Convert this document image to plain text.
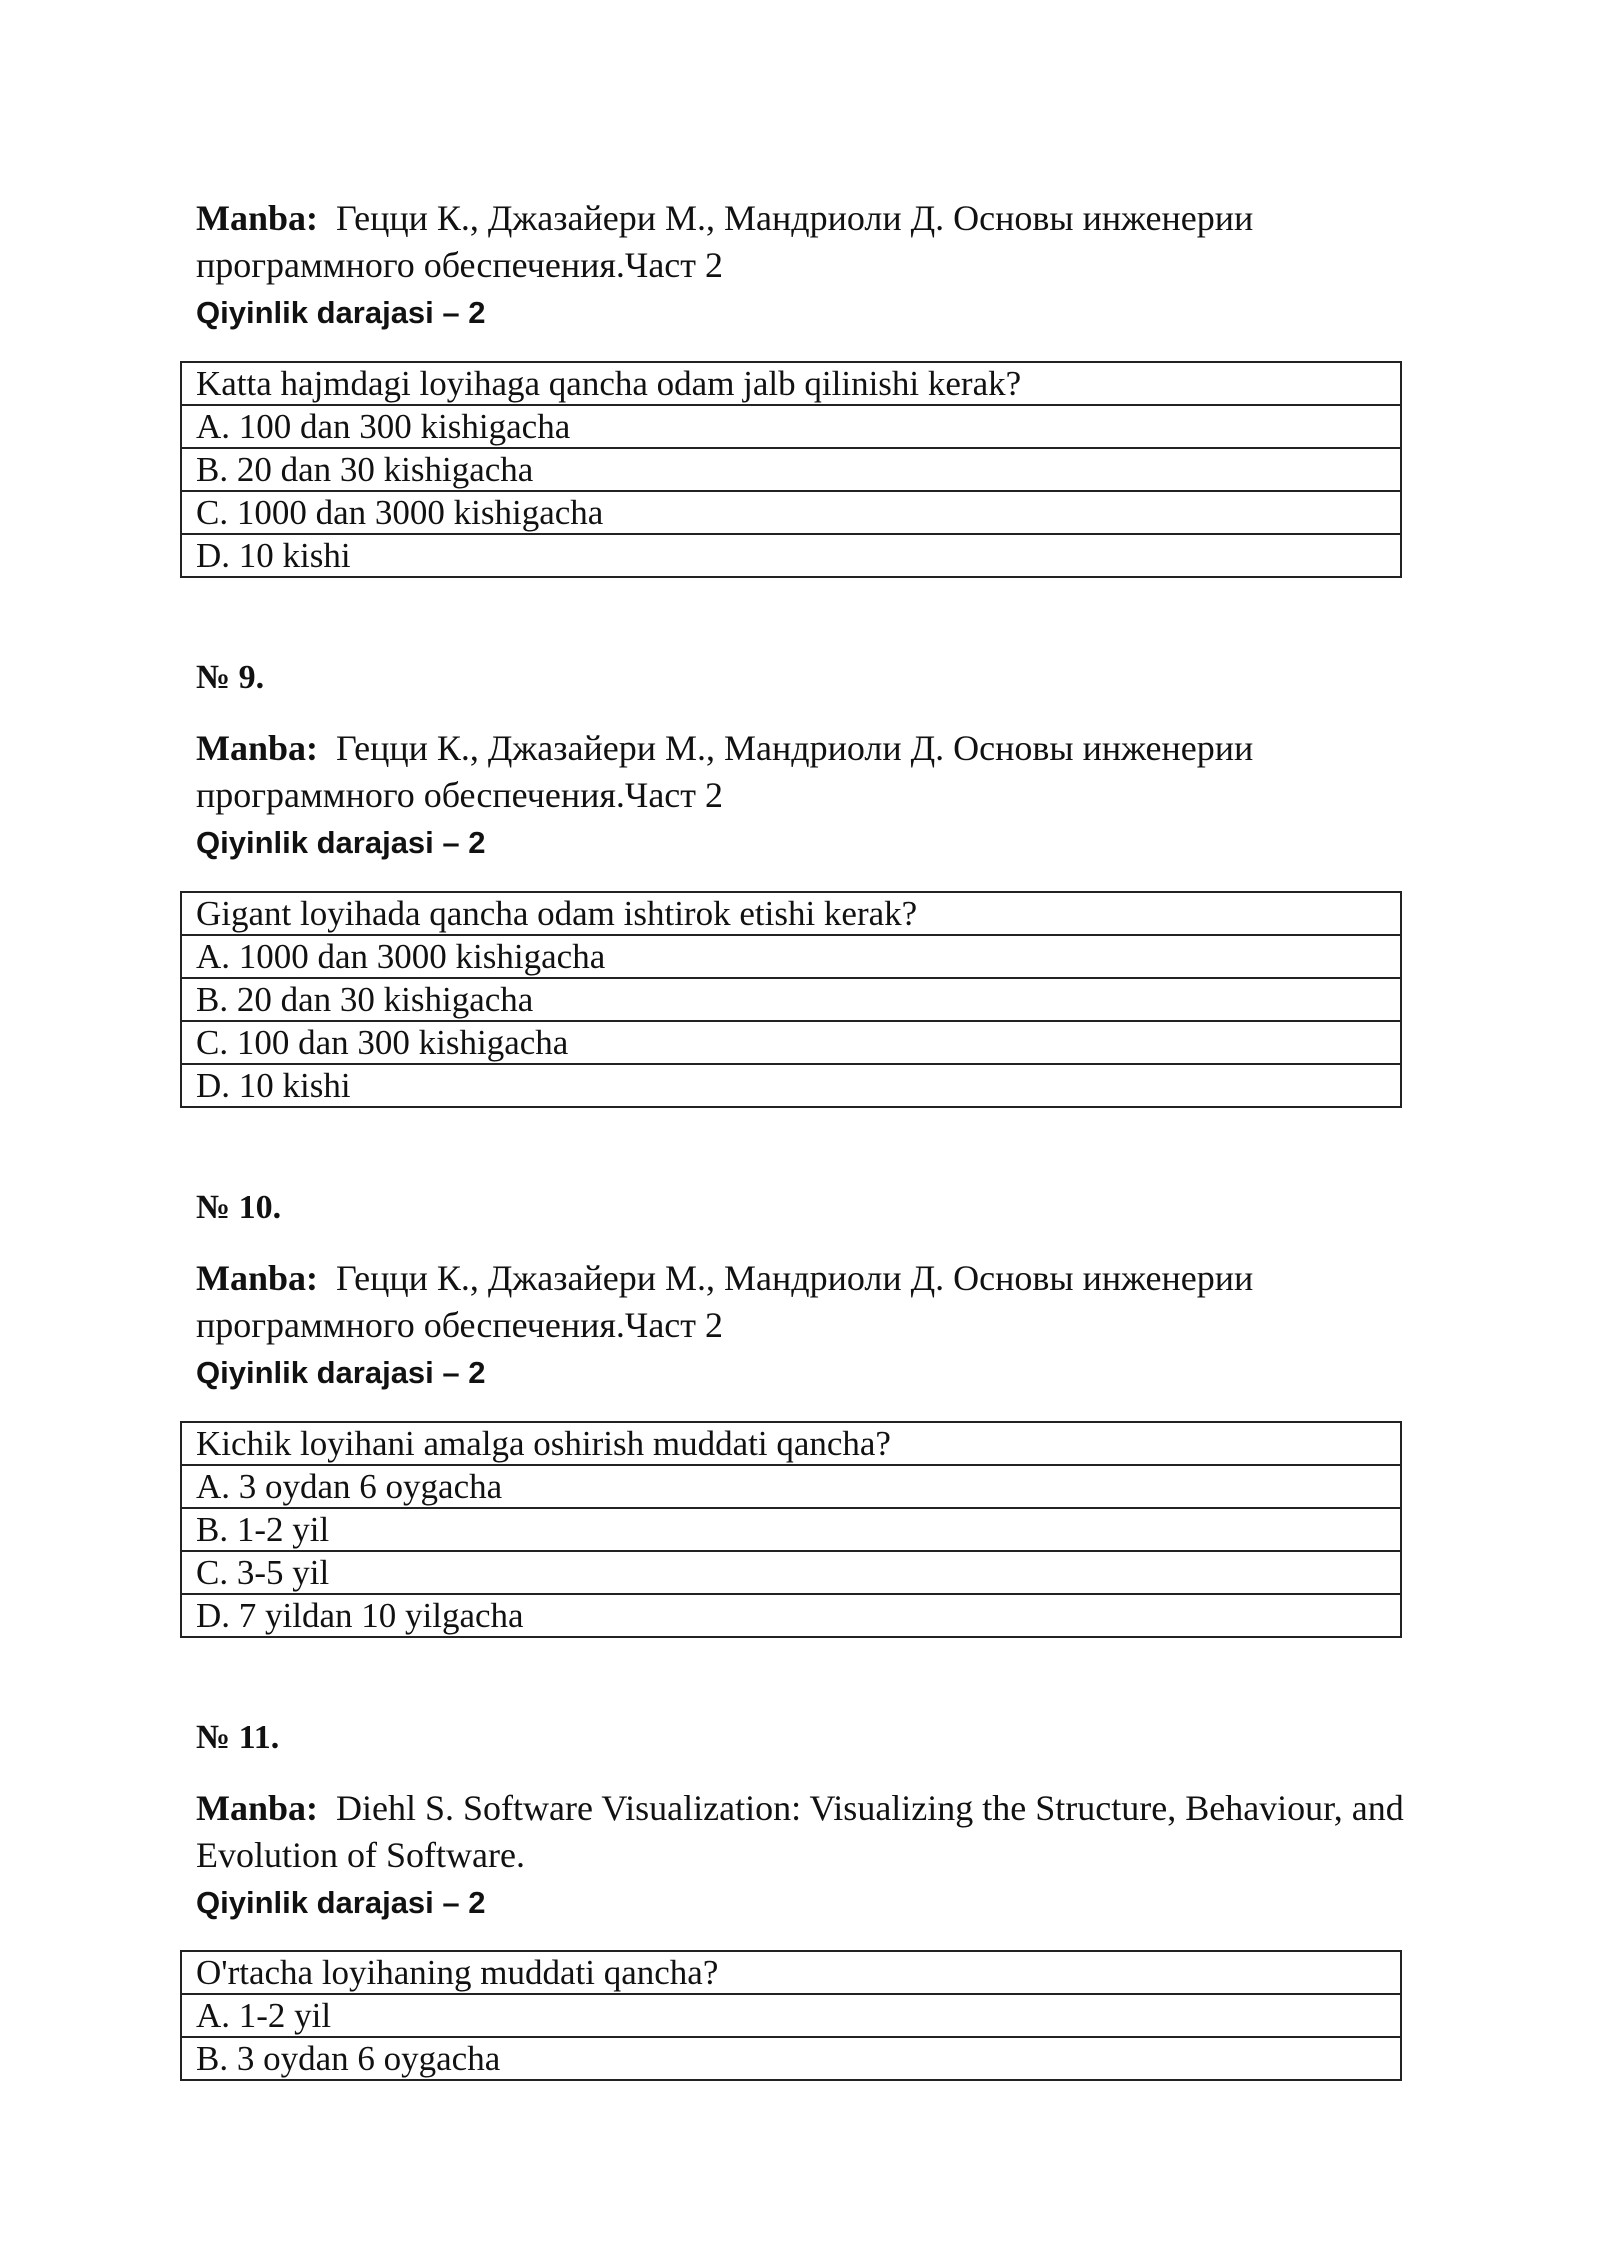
Manba: Гецци К., Джазайери М., Мандриоли Д. Основы инженерии программного обеспечения.Част 2

Qiyinlik darajasi – 2

Katta hajmdagi loyihaga qancha odam jalb qilinishi kerak?
A. 100 dan 300 kishigacha
B. 20 dan 30 kishigacha
C. 1000 dan 3000 kishigacha
D. 10 kishi

№ 9.

Manba: Гецци К., Джазайери М., Мандриоли Д. Основы инженерии программного обеспечения.Част 2

Qiyinlik darajasi – 2

Gigant loyihada qancha odam ishtirok etishi kerak?
A. 1000 dan 3000 kishigacha
B. 20 dan 30 kishigacha
C. 100 dan 300 kishigacha
D. 10 kishi

№ 10.

Manba: Гецци К., Джазайери М., Мандриоли Д. Основы инженерии программного обеспечения.Част 2

Qiyinlik darajasi – 2

Kichik loyihani amalga oshirish muddati qancha?
A. 3 oydan 6 oygacha
B. 1-2 yil
C. 3-5 yil
D. 7 yildan 10 yilgacha

№ 11.

Manba: Diehl S. Software Visualization: Visualizing the Structure, Behaviour, and Evolution of Software.

Qiyinlik darajasi – 2

O'rtacha loyihaning muddati qancha?
A. 1-2 yil
B. 3 oydan 6 oygacha
